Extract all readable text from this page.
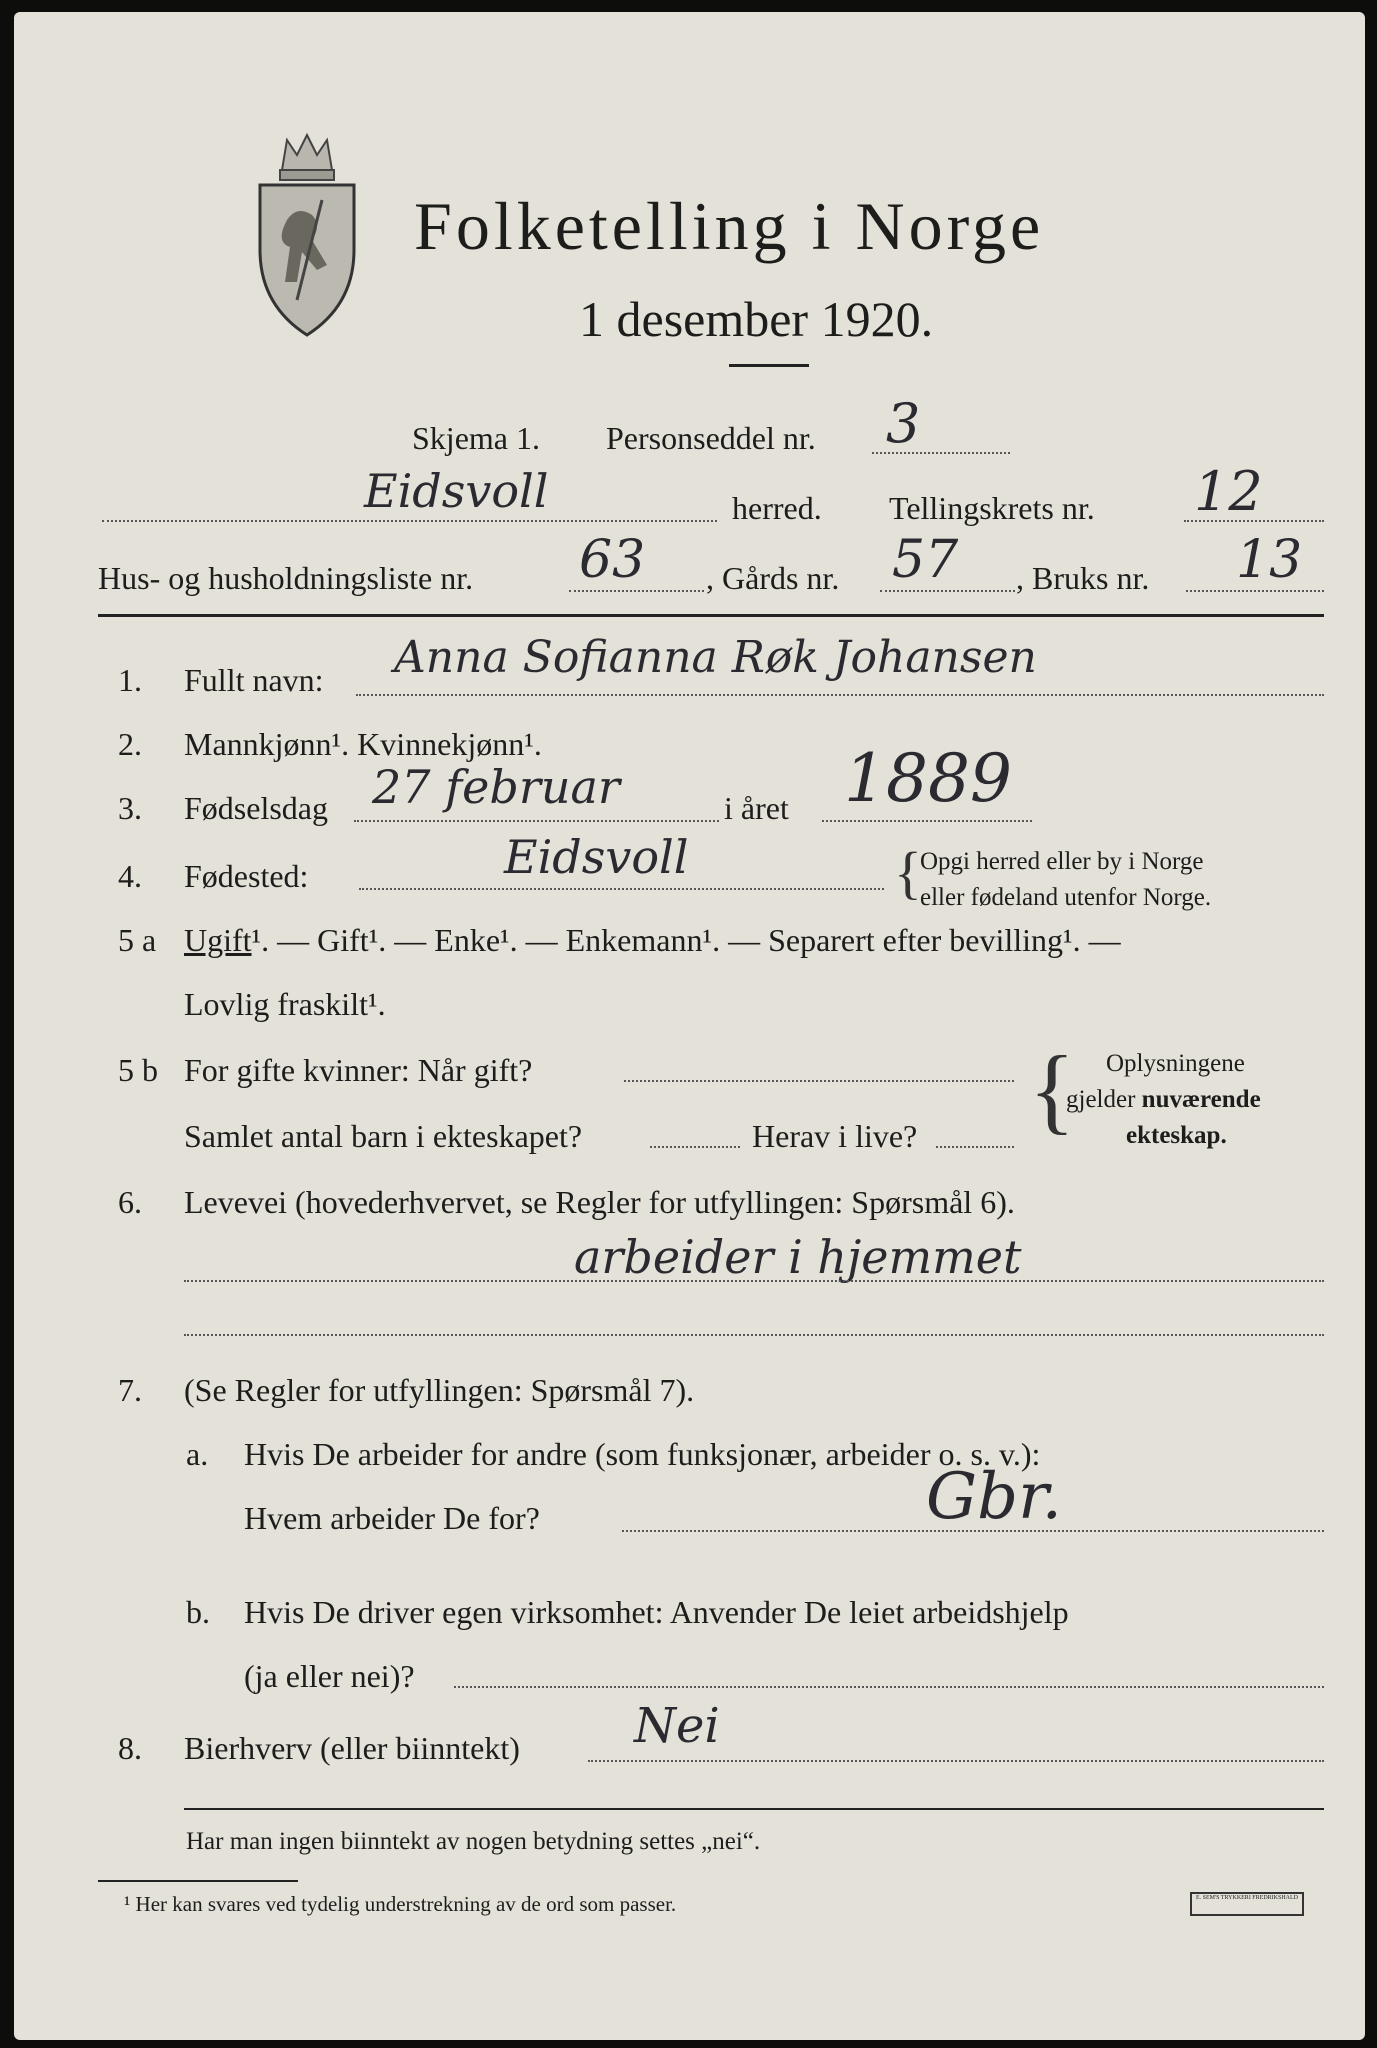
Folketelling i Norge
1 desember 1920.
Skjema 1. Personseddel nr. 3
Eidsvoll	herred. Tellingskrets nr. 12
Hus- og husholdningsliste nr. 63 , Gårds nr. 57 , Bruks nr. 13
1. Fullt navn: Anna Sofianna Røk Johansen
2. Mannkjønn¹. Kvinnekjønn¹.
3. Fødselsdag 27 februar	i året 1889
4. Fødested:	Eidsvoll	{
Opgi herred eller by i Norge
eller fødeland utenfor Norge.
5 a Ugift¹. — Gift¹. — Enke¹. — Enkemann¹. — Separert efter bevilling¹. —
Lovlig fraskilt¹.
5 b For gifte kvinner: Når gift?
Samlet antal barn i ekteskapet?	Herav i live? { Oplysningene
gjelder nuværende
ekteskap.
6. Levevei (hovederhvervet, se Regler for utfyllingen: Spørsmål 6).
arbeider i hjemmet
7. (Se Regler for utfyllingen: Spørsmål 7).
a. Hvis De arbeider for andre (som funksjonær, arbeider o. s. v.):
Hvem arbeider De for?	Gbr.
b. Hvis De driver egen virksomhet: Anvender De leiet arbeidshjelp
(ja eller nei)?
8. Bierhverv (eller biinntekt) Nei
Har man ingen biinntekt av nogen betydning settes „nei“.
¹ Her kan svares ved tydelig understrekning av de ord som passer.	E. SEM'S TRYKKERI FREDRIKSHALD
